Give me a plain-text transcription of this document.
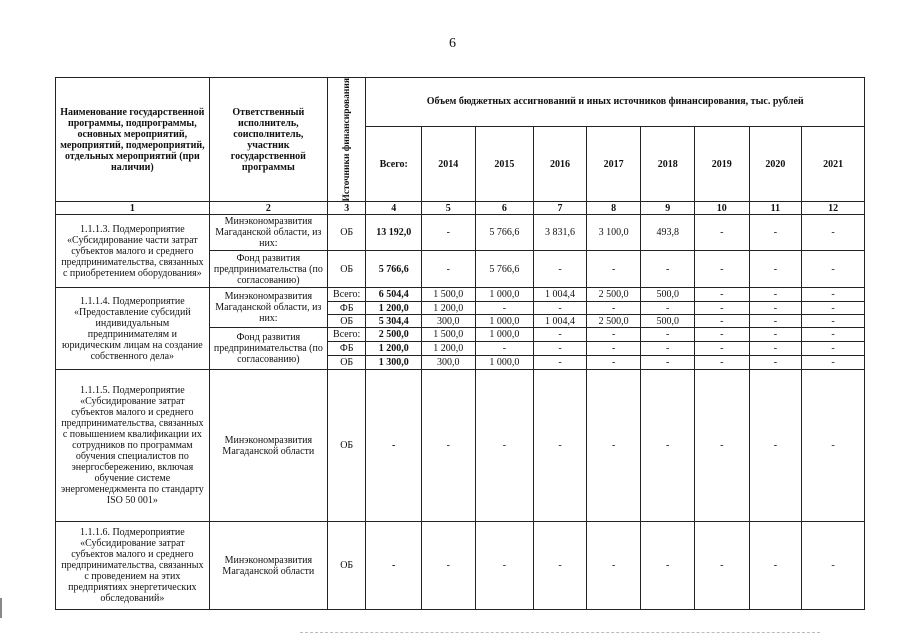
6
Наименование государственной программы, подпрограммы, основных мероприятий, мероприятий, подмероприятий, отдельных мероприятий (при наличии)	Ответственный исполнитель, соисполнитель, участник государственной программы	Источники финансирования	Объем бюджетных ассигнований и иных источников финансирования, тыс. рублей								
			Всего:	2014	2015	2016	2017	2018	2019	2020	2021
1	2	3	4	5	6	7	8	9	10	11	12
1.1.1.3. Подмероприятие «Субсидирование части затрат субъектов малого и среднего предпринимательства, связанных с приобретением оборудования»	Минэкономразвития Магаданской области, из них:	ОБ	13 192,0	-	5 766,6	3 831,6	3 100,0	493,8	-	-	-
	Фонд развития предпринимательства (по согласованию)	ОБ	5 766,6	-	5 766,6	-	-	-	-	-	-
1.1.1.4. Подмероприятие «Предоставление субсидий индивидуальным предпринимателям и юридическим лицам на создание собственного дела»	Минэкономразвития Магаданской области, из них:	Всего:	6 504,4	1 500,0	1 000,0	1 004,4	2 500,0	500,0	-	-	-
		ФБ	1 200,0	1 200,0	-	-	-	-	-	-	-
		ОБ	5 304,4	300,0	1 000,0	1 004,4	2 500,0	500,0	-	-	-
	Фонд развития предпринимательства (по согласованию)	Всего:	2 500,0	1 500,0	1 000,0	-	-	-	-	-	-
		ФБ	1 200,0	1 200,0	-	-	-	-	-	-	-
		ОБ	1 300,0	300,0	1 000,0	-	-	-	-	-	-
1.1.1.5. Подмероприятие «Субсидирование затрат субъектов малого и среднего предпринимательства, связанных с повышением квалификации их сотрудников по программам обучения специалистов по энергосбережению, включая обучение системе энергоменеджмента по стандарту ISO 50 001»	Минэкономразвития Магаданской области	ОБ	-	-	-	-	-	-	-	-	-
1.1.1.6. Подмероприятие «Субсидирование затрат субъектов малого и среднего предпринимательства, связанных с проведением на этих предприятиях энергетических обследований»	Минэкономразвития Магаданской области	ОБ	-	-	-	-	-	-	-	-	-
